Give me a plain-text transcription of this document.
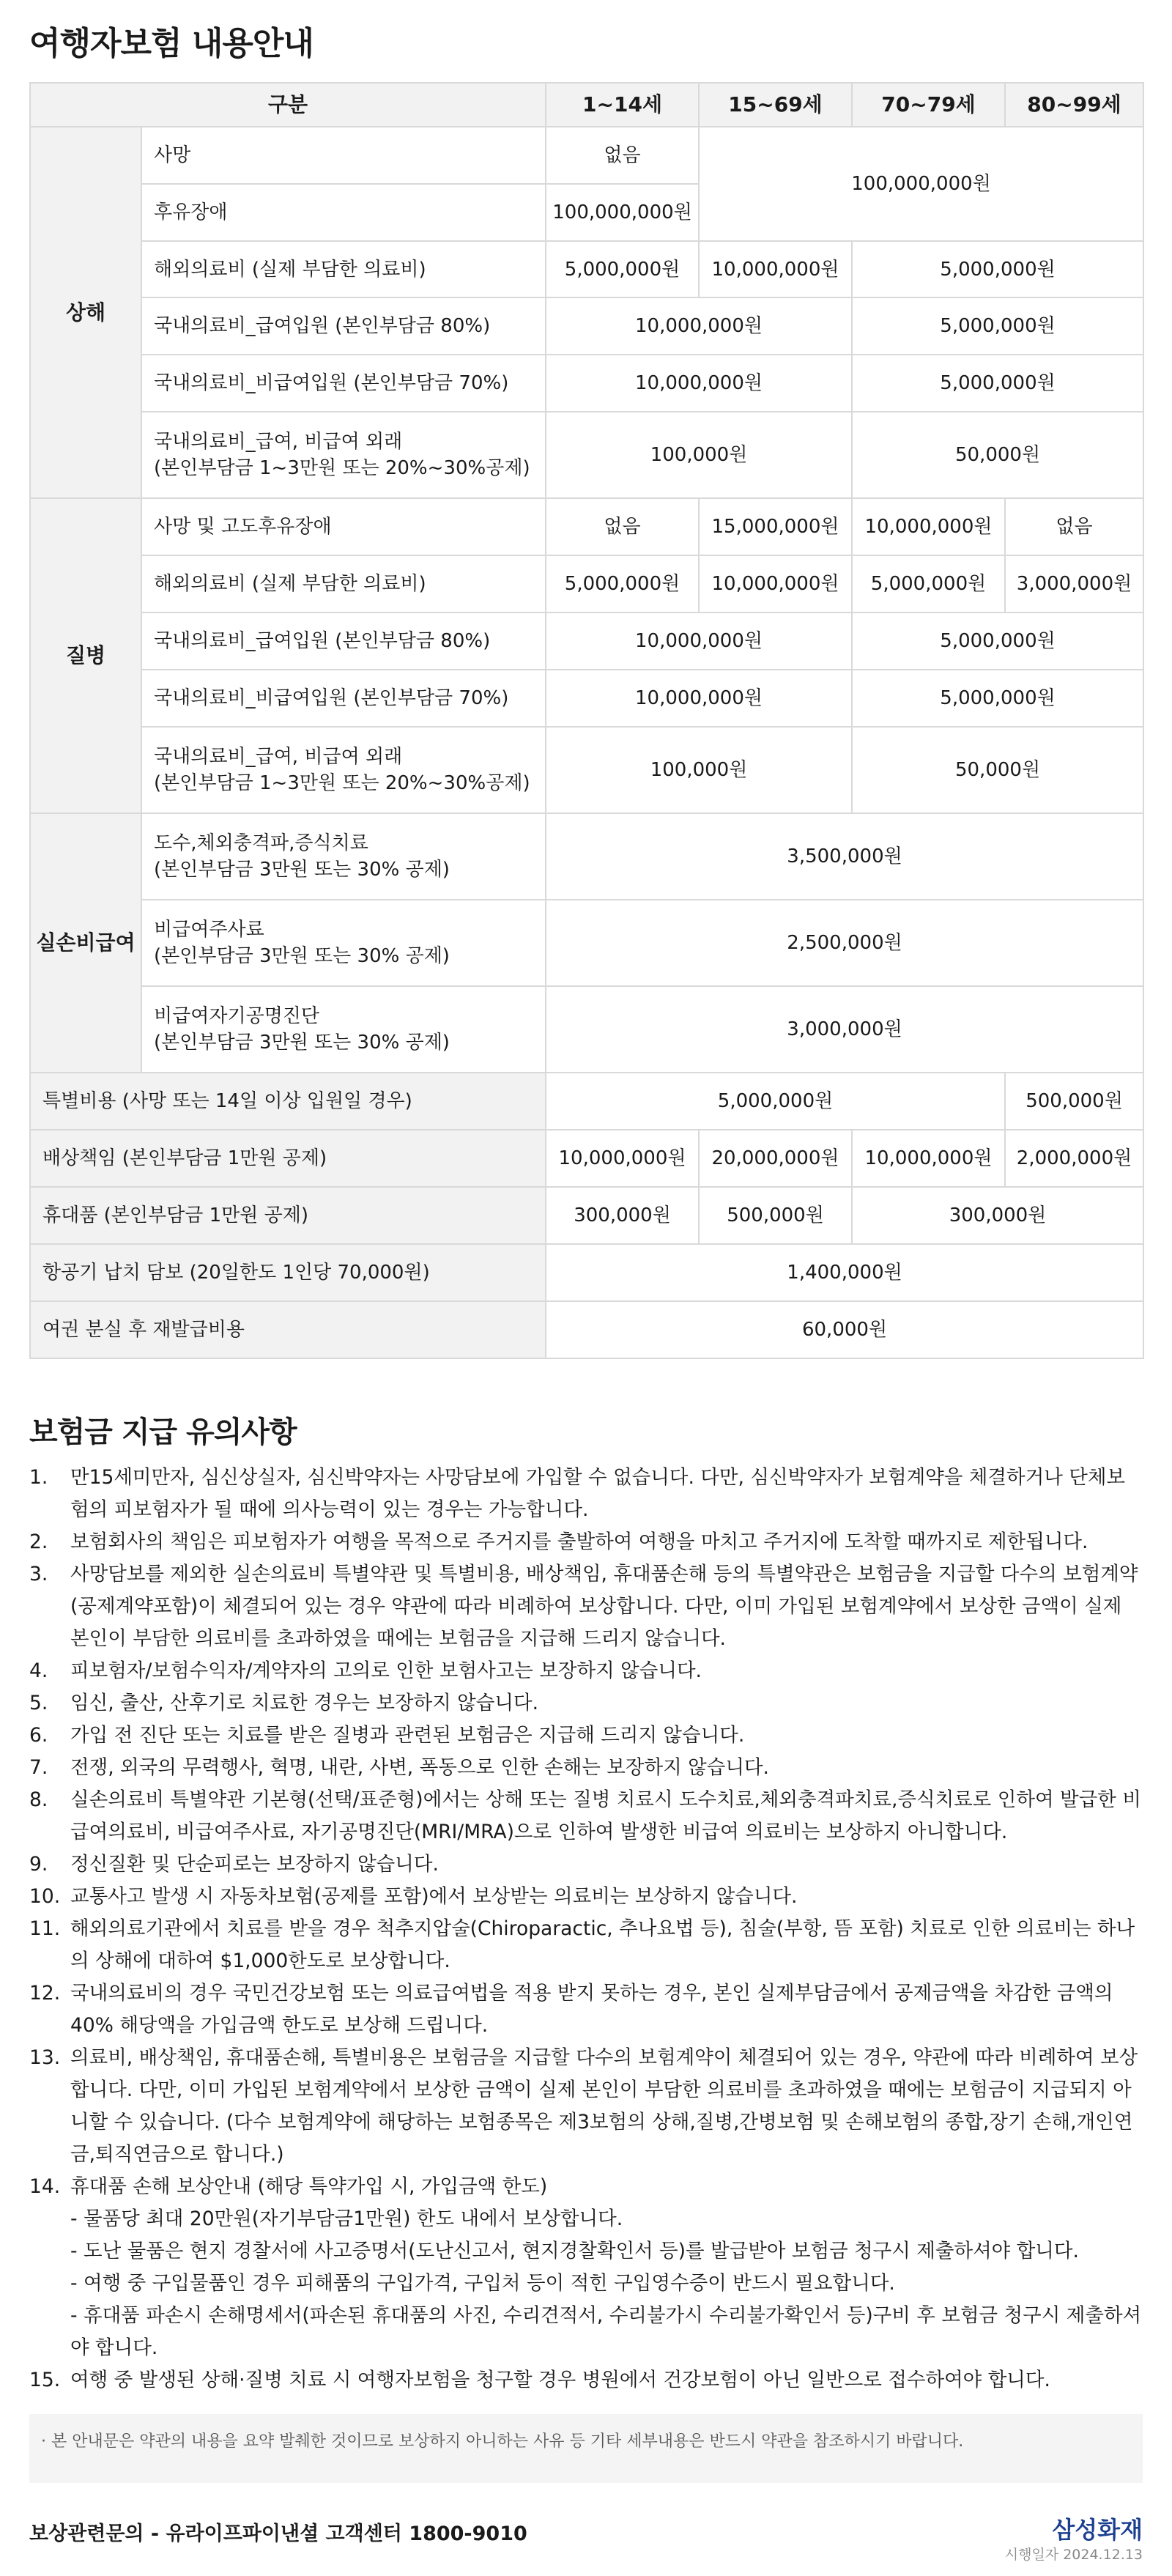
여행자보험 내용안내
구분		1~14세	15~69세	70~79세	80~99세
상해	사망	없음	100,000,000원		
	후유장애	100,000,000원			
	해외의료비 (실제 부담한 의료비)	5,000,000원	10,000,000원	5,000,000원	
	국내의료비_급여입원 (본인부담금 80%)	10,000,000원		5,000,000원	
	국내의료비_비급여입원 (본인부담금 70%)	10,000,000원		5,000,000원	
	국내의료비_급여, 비급여 외래
(본인부담금 1~3만원 또는 20%~30%공제)	100,000원		50,000원	
질병	사망 및 고도후유장애	없음	15,000,000원	10,000,000원	없음
	해외의료비 (실제 부담한 의료비)	5,000,000원	10,000,000원	5,000,000원	3,000,000원
	국내의료비_급여입원 (본인부담금 80%)	10,000,000원		5,000,000원	
	국내의료비_비급여입원 (본인부담금 70%)	10,000,000원		5,000,000원	
	국내의료비_급여, 비급여 외래
(본인부담금 1~3만원 또는 20%~30%공제)	100,000원		50,000원	
실손비급여	도수,체외충격파,증식치료
(본인부담금 3만원 또는 30% 공제)	3,500,000원			
	비급여주사료
(본인부담금 3만원 또는 30% 공제)	2,500,000원			
	비급여자기공명진단
(본인부담금 3만원 또는 30% 공제)	3,000,000원			
특별비용 (사망 또는 14일 이상 입원일 경우)		5,000,000원			500,000원
배상책임 (본인부담금 1만원 공제)		10,000,000원	20,000,000원	10,000,000원	2,000,000원
휴대품 (본인부담금 1만원 공제)		300,000원	500,000원	300,000원	
항공기 납치 담보 (20일한도 1인당 70,000원)		1,400,000원			
여권 분실 후 재발급비용		60,000원			
보험금 지급 유의사항
1.	만15세미만자, 심신상실자, 심신박약자는 사망담보에 가입할 수 없습니다. 다만, 심신박약자가 보험계약을 체결하거나 단체보험의 피보험자가 될 때에 의사능력이 있는 경우는 가능합니다.
2.	보험회사의 책임은 피보험자가 여행을 목적으로 주거지를 출발하여 여행을 마치고 주거지에 도착할 때까지로 제한됩니다.
3.	사망담보를 제외한 실손의료비 특별약관 및 특별비용, 배상책임, 휴대품손해 등의 특별약관은 보험금을 지급할 다수의 보험계약(공제계약포함)이 체결되어 있는 경우 약관에 따라 비례하여 보상합니다. 다만, 이미 가입된 보험계약에서 보상한 금액이 실제 본인이 부담한 의료비를 초과하였을 때에는 보험금을 지급해 드리지 않습니다.
4.	피보험자/보험수익자/계약자의 고의로 인한 보험사고는 보장하지 않습니다.
5.	임신, 출산, 산후기로 치료한 경우는 보장하지 않습니다.
6.	가입 전 진단 또는 치료를 받은 질병과 관련된 보험금은 지급해 드리지 않습니다.
7.	전쟁, 외국의 무력행사, 혁명, 내란, 사변, 폭동으로 인한 손해는 보장하지 않습니다.
8.	실손의료비 특별약관 기본형(선택/표준형)에서는 상해 또는 질병 치료시 도수치료,체외충격파치료,증식치료로 인하여 발급한 비급여의료비, 비급여주사료, 자기공명진단(MRI/MRA)으로 인하여 발생한 비급여 의료비는 보상하지 아니합니다.
9.	정신질환 및 단순피로는 보장하지 않습니다.
10. 교통사고 발생 시 자동차보험(공제를 포함)에서 보상받는 의료비는 보상하지 않습니다.
11. 해외의료기관에서 치료를 받을 경우 척추지압술(Chiroparactic, 추나요법 등), 침술(부항, 뜸 포함) 치료로 인한 의료비는 하나의 상해에 대하여 $1,000한도로 보상합니다.
12. 국내의료비의 경우 국민건강보험 또는 의료급여법을 적용 받지 못하는 경우, 본인 실제부담금에서 공제금액을 차감한 금액의 40% 해당액을 가입금액 한도로 보상해 드립니다.
13. 의료비, 배상책임, 휴대품손해, 특별비용은 보험금을 지급할 다수의 보험계약이 체결되어 있는 경우, 약관에 따라 비례하여 보상합니다. 다만, 이미 가입된 보험계약에서 보상한 금액이 실제 본인이 부담한 의료비를 초과하였을 때에는 보험금이 지급되지 아니할 수 있습니다. (다수 보험계약에 해당하는 보험종목은 제3보험의 상해,질병,간병보험 및 손해보험의 종합,장기 손해,개인연금,퇴직연금으로 합니다.)
14. 휴대품 손해 보상안내 (해당 특약가입 시, 가입금액 한도)
- 물품당 최대 20만원(자기부담금1만원) 한도 내에서 보상합니다.
- 도난 물품은 현지 경찰서에 사고증명서(도난신고서, 현지경찰확인서 등)를 발급받아 보험금 청구시 제출하셔야 합니다.
- 여행 중 구입물품인 경우 피해품의 구입가격, 구입처 등이 적힌 구입영수증이 반드시 필요합니다.
- 휴대품 파손시 손해명세서(파손된 휴대품의 사진, 수리견적서, 수리불가시 수리불가확인서 등)구비 후 보험금 청구시 제출하셔야 합니다.
15. 여행 중 발생된 상해·질병 치료 시 여행자보험을 청구할 경우 병원에서 건강보험이 아닌 일반으로 접수하여야 합니다.
· 본 안내문은 약관의 내용을 요약 발췌한 것이므로 보상하지 아니하는 사유 등 기타 세부내용은 반드시 약관을 참조하시기 바랍니다.
보상관련문의 - 유라이프파이낸셜 고객센터 1800-9010	삼성화재
시행일자 2024.12.13
